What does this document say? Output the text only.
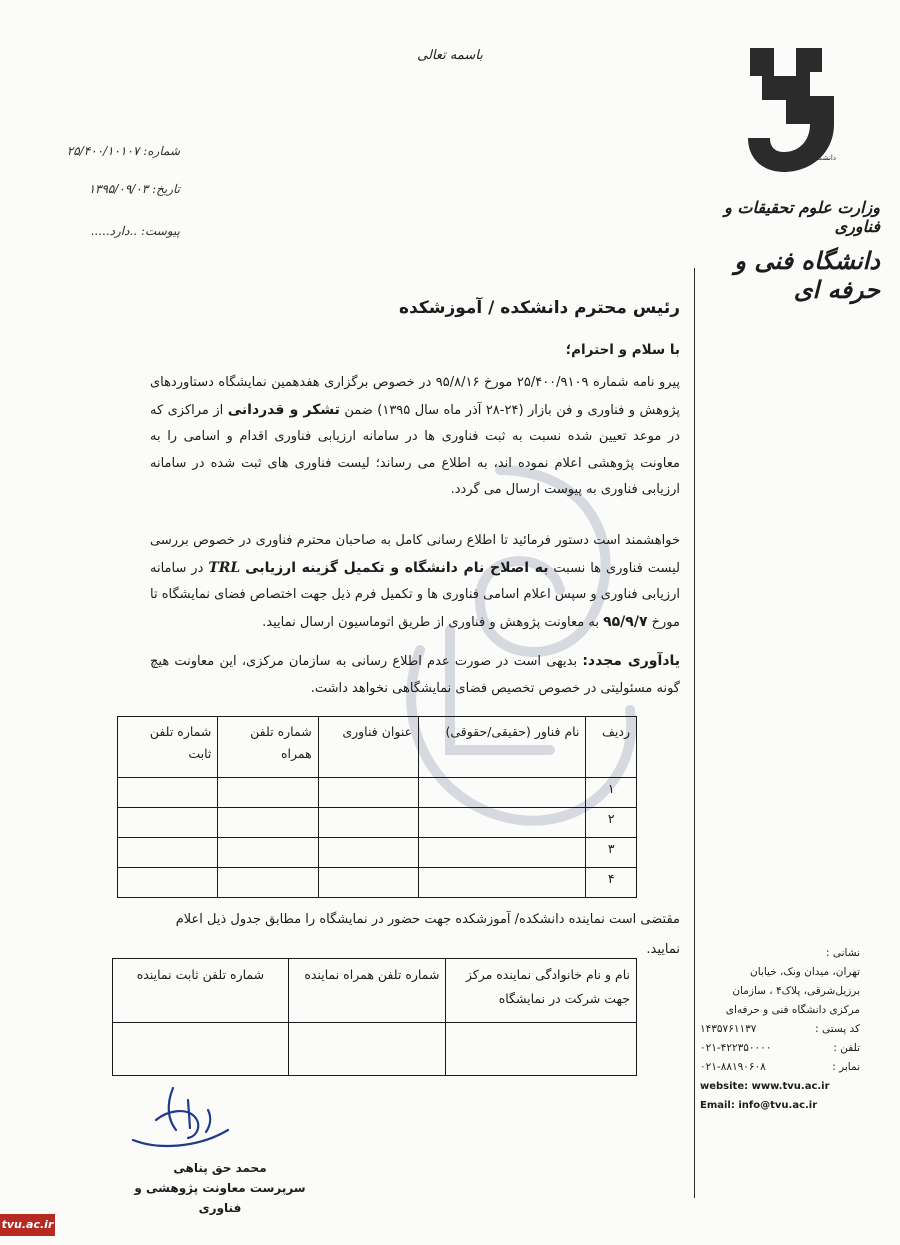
باسمه تعالی
دانشگاه فنی و حرفه ای
وزارت علوم تحقیقات و فناوری
دانشگاه فنی و حرفه ای
شماره: ۲۵/۴۰۰/۱۰۱۰۷
تاریخ: ۱۳۹۵/۰۹/۰۳
پیوست: ..دارد.....
رئیس محترم دانشکده / آموزشکده
با سلام و احترام؛
پیرو نامه شماره ۲۵/۴۰۰/۹۱۰۹ مورخ ۹۵/۸/۱۶ در خصوص برگزاری هفدهمین نمایشگاه دستاوردهای پژوهش و فناوری و فن بازار (۲۴-۲۸ آذر ماه سال ۱۳۹۵) ضمن تشکر و قدردانی از مراکزی که در موعد تعیین شده نسبت به ثبت فناوری ها در سامانه ارزیابی فناوری اقدام و اسامی را به معاونت پژوهشی اعلام نموده اند، به اطلاع می رساند؛ لیست فناوری های ثبت شده در سامانه ارزیابی فناوری به پیوست ارسال می گردد.
خواهشمند است دستور فرمائید تا اطلاع رسانی کامل به صاحبان محترم فناوری در خصوص بررسی لیست فناوری ها نسبت به اصلاح نام دانشگاه و تکمیل گزینه ارزیابی TRL در سامانه ارزیابی فناوری و سپس اعلام اسامی فناوری ها و تکمیل فرم ذیل جهت اختصاص فضای نمایشگاه تا مورخ ۹۵/۹/۷ به معاونت پژوهش و فناوری از طریق اتوماسیون ارسال نمایید.
یادآوری مجدد: بدیهی است در صورت عدم اطلاع رسانی به سازمان مرکزی، این معاونت هیچ گونه مسئولیتی در خصوص تخصیص فضای نمایشگاهی نخواهد داشت.
ردیف	نام فناور (حقیقی/حقوقی)	عنوان فناوری	شماره تلفن همراه	شماره تلفن ثابت
۱				
۲				
۳				
۴				
مقتضی است نماینده دانشکده/ آموزشکده جهت حضور در نمایشگاه را مطابق جدول ذیل اعلام نمایید.
نام و نام خانوادگی نماینده مرکز جهت شرکت در نمایشگاه	شماره تلفن همراه نماینده	شماره تلفن ثابت نماینده

نشانی :
تهران، میدان ونک، خیابان برزیل‌شرقی، پلاک۴ ، سازمان مرکزی دانشگاه فنی و حرفه‌ای
کد پستی :
۱۴۳۵۷۶۱۱۳۷
تلفن :
۰۲۱-۴۲۲۳۵۰۰۰۰
نمابر :
۰۲۱-۸۸۱۹۰۶۰۸
website: www.tvu.ac.ir
Email: info@tvu.ac.ir
محمد حق پناهی
سرپرست معاونت پژوهشی و فناوری
tvu.ac.ir
